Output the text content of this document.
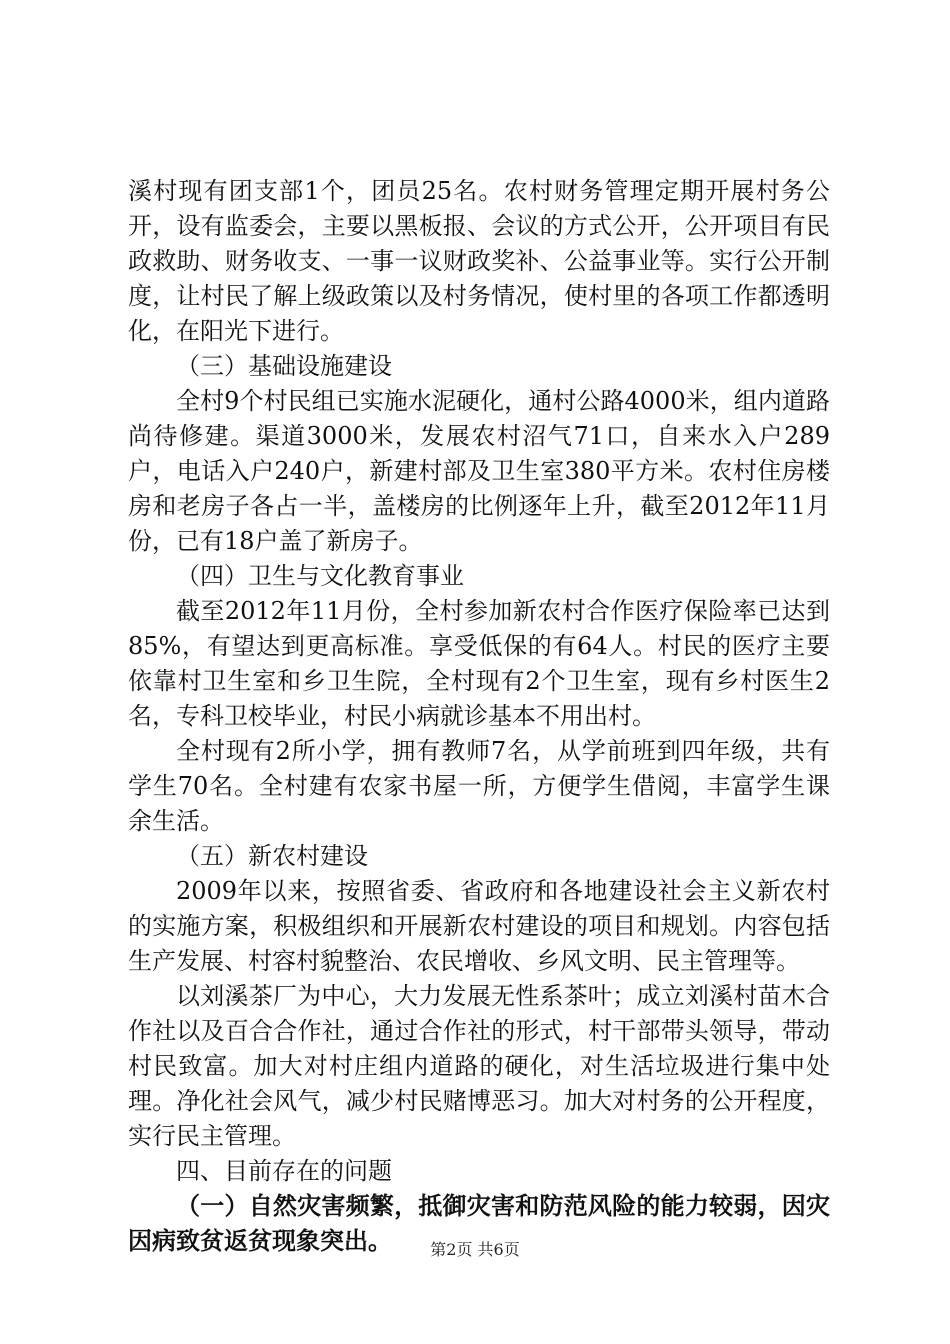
溪村现有团支部1个，团员25名。农村财务管理定期开展村务公开，设有监委会，主要以黑板报、会议的方式公开，公开项目有民政救助、财务收支、一事一议财政奖补、公益事业等。实行公开制度，让村民了解上级政策以及村务情况，使村里的各项工作都透明化，在阳光下进行。

（三）基础设施建设

全村9个村民组已实施水泥硬化，通村公路4000米，组内道路尚待修建。渠道3000米，发展农村沼气71口，自来水入户289户，电话入户240户，新建村部及卫生室380平方米。农村住房楼房和老房子各占一半，盖楼房的比例逐年上升，截至2012年11月份，已有18户盖了新房子。

（四）卫生与文化教育事业

截至2012年11月份，全村参加新农村合作医疗保险率已达到85%，有望达到更高标准。享受低保的有64人。村民的医疗主要依靠村卫生室和乡卫生院，全村现有2个卫生室，现有乡村医生2名，专科卫校毕业，村民小病就诊基本不用出村。

全村现有2所小学，拥有教师7名，从学前班到四年级，共有学生70名。全村建有农家书屋一所，方便学生借阅，丰富学生课余生活。

（五）新农村建设

2009年以来，按照省委、省政府和各地建设社会主义新农村的实施方案，积极组织和开展新农村建设的项目和规划。内容包括生产发展、村容村貌整治、农民增收、乡风文明、民主管理等。

以刘溪茶厂为中心，大力发展无性系茶叶；成立刘溪村苗木合作社以及百合合作社，通过合作社的形式，村干部带头领导，带动村民致富。加大对村庄组内道路的硬化，对生活垃圾进行集中处理。净化社会风气，减少村民赌博恶习。加大对村务的公开程度，实行民主管理。

四、目前存在的问题

（一）自然灾害频繁，抵御灾害和防范风险的能力较弱，因灾因病致贫返贫现象突出。	第2页 共6页
